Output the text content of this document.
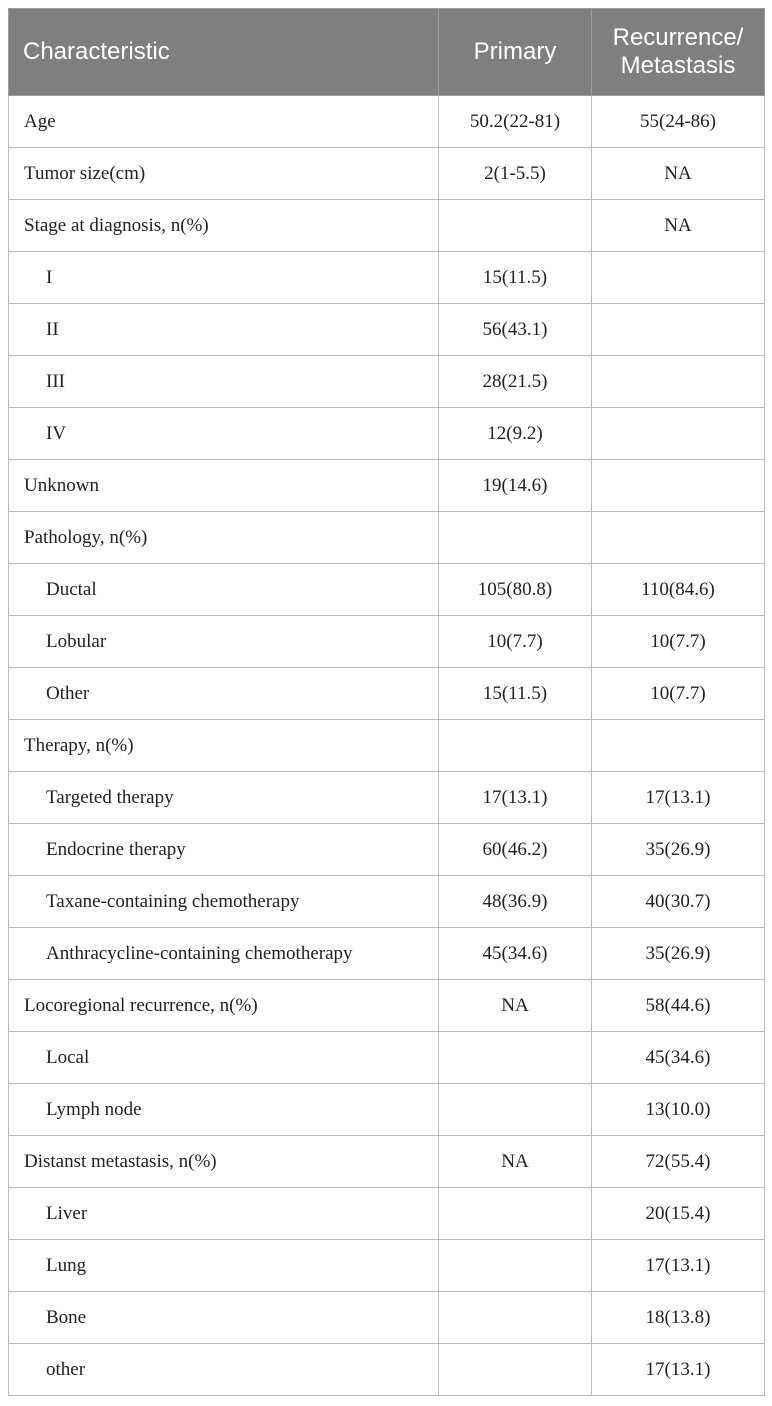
Characteristic	Primary	Recurrence/ Metastasis
Age	50.2(22-81)	55(24-86)
Tumor size(cm)	2(1-5.5)	NA
Stage at diagnosis, n(%)		NA
I	15(11.5)	
II	56(43.1)	
III	28(21.5)	
IV	12(9.2)	
Unknown	19(14.6)	
Pathology, n(%)		
Ductal	105(80.8)	110(84.6)
Lobular	10(7.7)	10(7.7)
Other	15(11.5)	10(7.7)
Therapy, n(%)		
Targeted therapy	17(13.1)	17(13.1)
Endocrine therapy	60(46.2)	35(26.9)
Taxane-containing chemotherapy	48(36.9)	40(30.7)
Anthracycline-containing chemotherapy	45(34.6)	35(26.9)
Locoregional recurrence, n(%)	NA	58(44.6)
Local		45(34.6)
Lymph node		13(10.0)
Distanst metastasis, n(%)	NA	72(55.4)
Liver		20(15.4)
Lung		17(13.1)
Bone		18(13.8)
other		17(13.1)
